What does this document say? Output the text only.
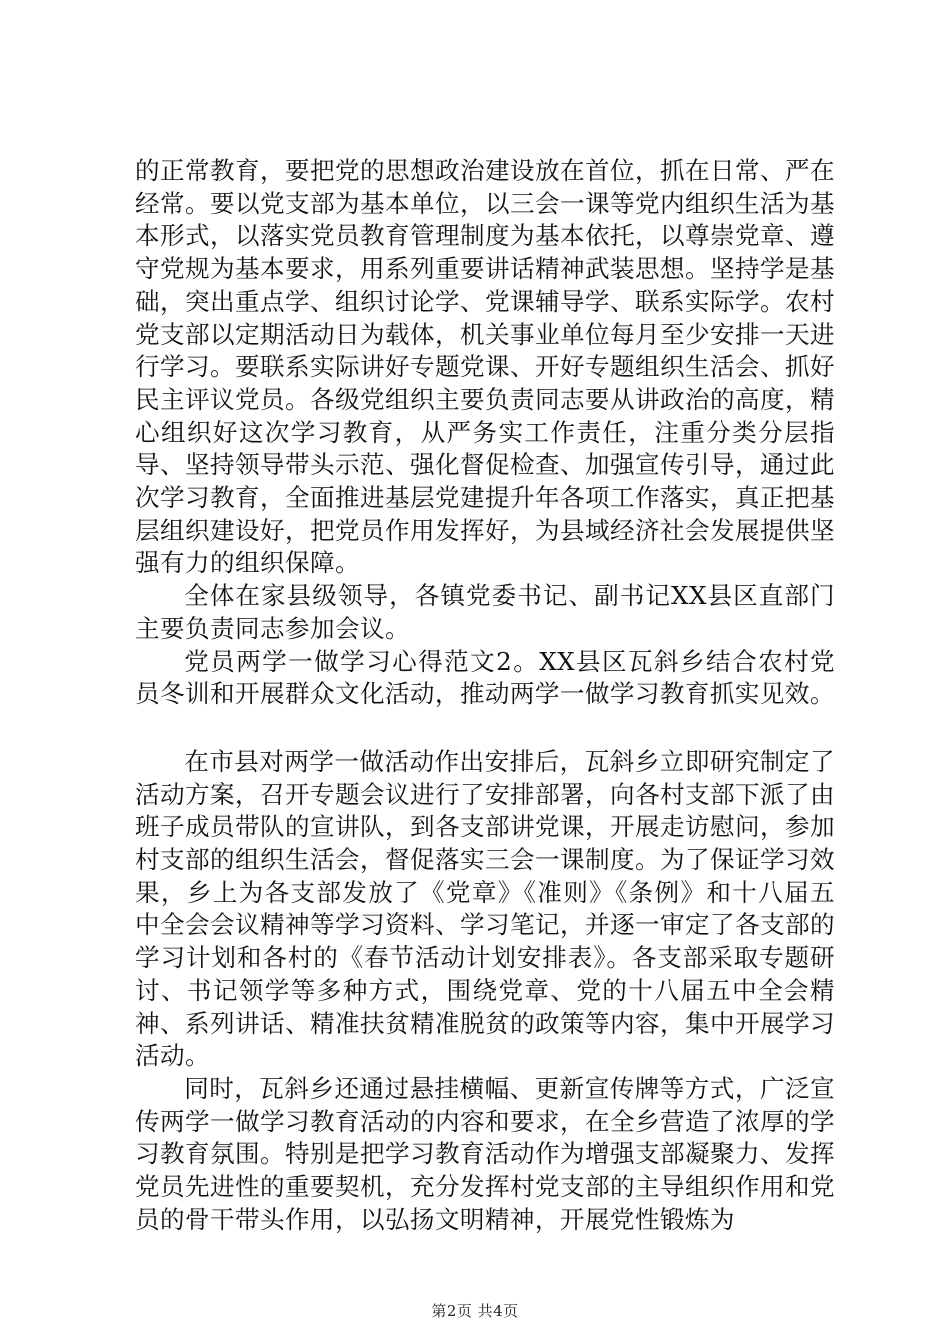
的正常教育，要把党的思想政治建设放在首位，抓在日常、严在经常。要以党支部为基本单位，以三会一课等党内组织生活为基本形式，以落实党员教育管理制度为基本依托，以尊崇党章、遵守党规为基本要求，用系列重要讲话精神武装思想。坚持学是基础，突出重点学、组织讨论学、党课辅导学、联系实际学。农村党支部以定期活动日为载体，机关事业单位每月至少安排一天进行学习。要联系实际讲好专题党课、开好专题组织生活会、抓好民主评议党员。各级党组织主要负责同志要从讲政治的高度，精心组织好这次学习教育，从严务实工作责任，注重分类分层指导、坚持领导带头示范、强化督促检查、加强宣传引导，通过此次学习教育，全面推进基层党建提升年各项工作落实，真正把基层组织建设好，把党员作用发挥好，为县域经济社会发展提供坚强有力的组织保障。

全体在家县级领导，各镇党委书记、副书记XX县区直部门主要负责同志参加会议。

党员两学一做学习心得范文2。XX县区瓦斜乡结合农村党员冬训和开展群众文化活动，推动两学一做学习教育抓实见效。

在市县对两学一做活动作出安排后，瓦斜乡立即研究制定了活动方案，召开专题会议进行了安排部署，向各村支部下派了由班子成员带队的宣讲队，到各支部讲党课，开展走访慰问，参加村支部的组织生活会，督促落实三会一课制度。为了保证学习效果，乡上为各支部发放了《党章》《准则》《条例》和十八届五中全会会议精神等学习资料、学习笔记，并逐一审定了各支部的学习计划和各村的《春节活动计划安排表》。各支部采取专题研讨、书记领学等多种方式，围绕党章、党的十八届五中全会精神、系列讲话、精准扶贫精准脱贫的政策等内容，集中开展学习活动。

同时，瓦斜乡还通过悬挂横幅、更新宣传牌等方式，广泛宣传两学一做学习教育活动的内容和要求，在全乡营造了浓厚的学习教育氛围。特别是把学习教育活动作为增强支部凝聚力、发挥党员先进性的重要契机，充分发挥村党支部的主导组织作用和党员的骨干带头作用，以弘扬文明精神，开展党性锻炼为

第2页 共4页
